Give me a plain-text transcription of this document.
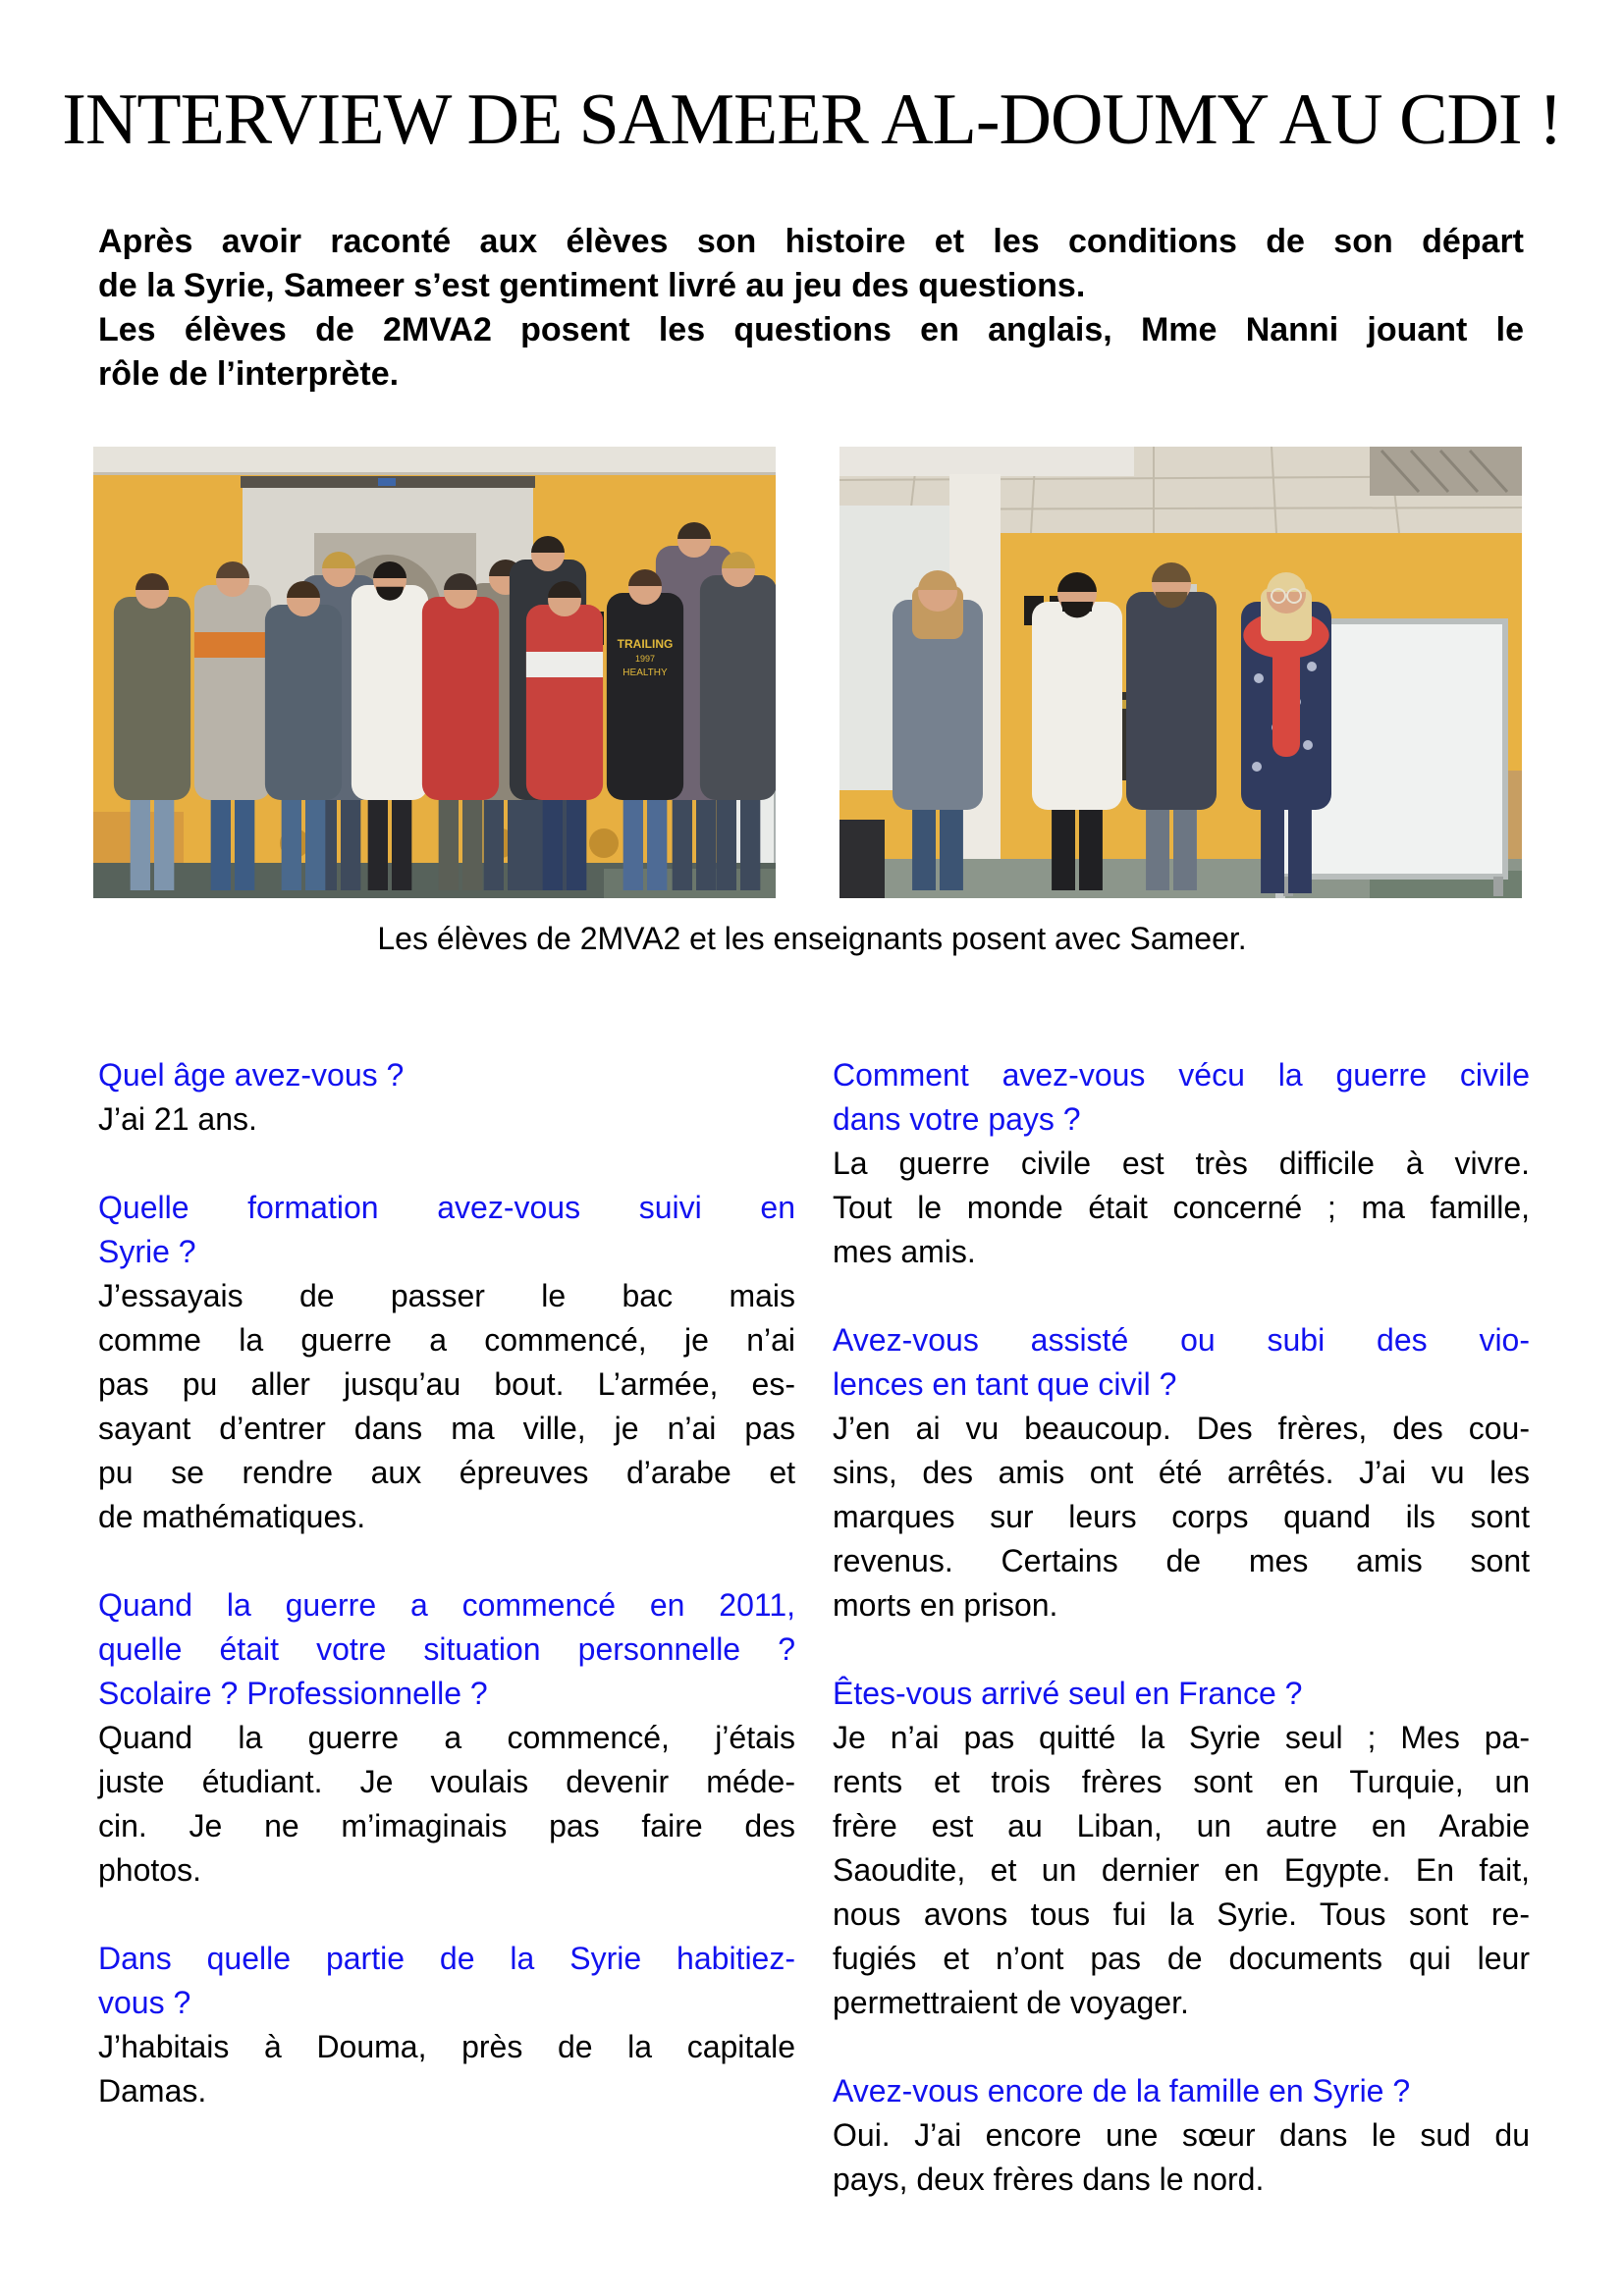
INTERVIEW DE SAMEER AL-DOUMY AU CDI !
Après avoir raconté aux élèves son histoire et les conditions de son départ
de la Syrie, Sameer s’est gentiment livré au jeu des questions.
Les élèves de 2MVA2 posent les questions en anglais, Mme Nanni jouant le
rôle de l’interprète.
TRAILING
1997
HEALTHY
Les élèves de 2MVA2 et les enseignants posent avec Sameer.
Quel âge avez-vous ?
J’ai 21 ans.
Quelle formation avez-vous suivi en
Syrie ?
J’essayais de passer le bac mais
comme la guerre a commencé, je n’ai
pas pu aller jusqu’au bout. L’armée, es-
sayant d’entrer dans ma ville, je n’ai pas
pu se rendre aux épreuves d’arabe et
de mathématiques.
Quand la guerre a commencé en 2011,
quelle était votre situation personnelle ?
Scolaire ? Professionnelle ?
Quand la guerre a commencé, j’étais
juste étudiant. Je voulais devenir méde-
cin. Je ne m’imaginais pas faire des
photos.
Dans quelle partie de la Syrie habitiez-
vous ?
J’habitais à Douma, près de la capitale
Damas.
Comment avez-vous vécu la guerre civile
dans votre pays ?
La guerre civile est très difficile à vivre.
Tout le monde était concerné ; ma famille,
mes amis.
Avez-vous assisté ou subi des vio-
lences en tant que civil ?
J’en ai vu beaucoup. Des frères, des cou-
sins, des amis ont été arrêtés. J’ai vu les
marques sur leurs corps quand ils sont
revenus. Certains de mes amis sont
morts en prison.
Êtes-vous arrivé seul en France ?
Je n’ai pas quitté la Syrie seul ; Mes pa-
rents et trois frères sont en Turquie, un
frère est au Liban, un autre en Arabie
Saoudite, et un dernier en Egypte. En fait,
nous avons tous fui la Syrie. Tous sont re-
fugiés et n’ont pas de documents qui leur
permettraient de voyager.
Avez-vous encore de la famille en Syrie ?
Oui. J’ai encore une sœur dans le sud du
pays, deux frères dans le nord.
